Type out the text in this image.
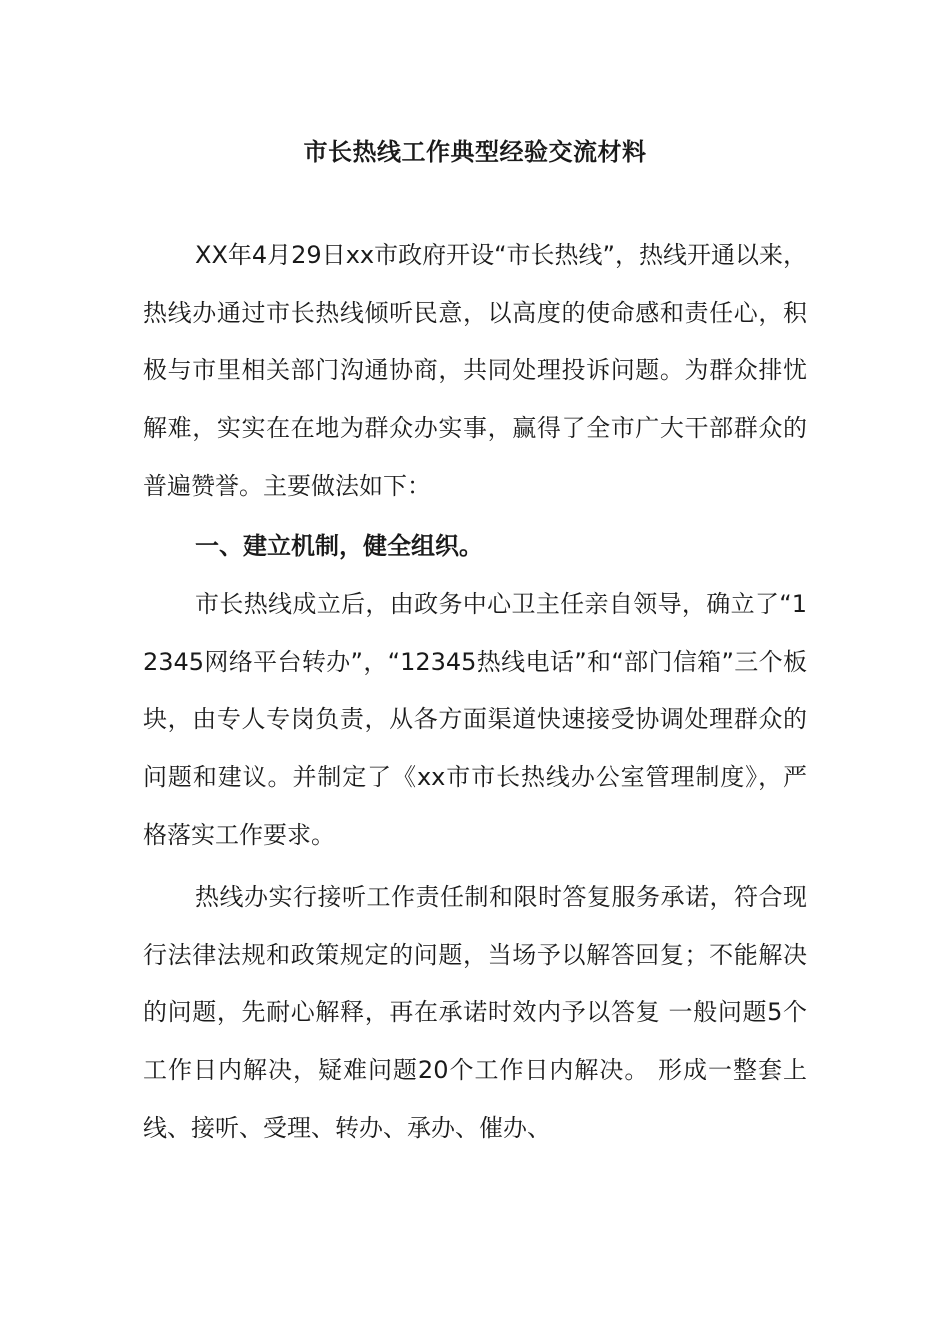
市长热线工作典型经验交流材料

XX年4月29日xx市政府开设“市长热线”，热线开通以来，热线办通过市长热线倾听民意，以高度的使命感和责任心，积极与市里相关部门沟通协商，共同处理投诉问题。为群众排忧解难，实实在在地为群众办实事，赢得了全市广大干部群众的普遍赞誉。主要做法如下：

一、建立机制，健全组织。

市长热线成立后，由政务中心卫主任亲自领导，确立了“12345网络平台转办”，“12345热线电话”和“部门信箱”三个板块，由专人专岗负责，从各方面渠道快速接受协调处理群众的问题和建议。并制定了《xx市市长热线办公室管理制度》，严格落实工作要求。

热线办实行接听工作责任制和限时答复服务承诺，符合现行法律法规和政策规定的问题，当场予以解答回复；不能解决的问题，先耐心解释，再在承诺时效内予以答复 一般问题5个工作日内解决，疑难问题20个工作日内解决。 形成一整套上线、接听、受理、转办、承办、催办、
